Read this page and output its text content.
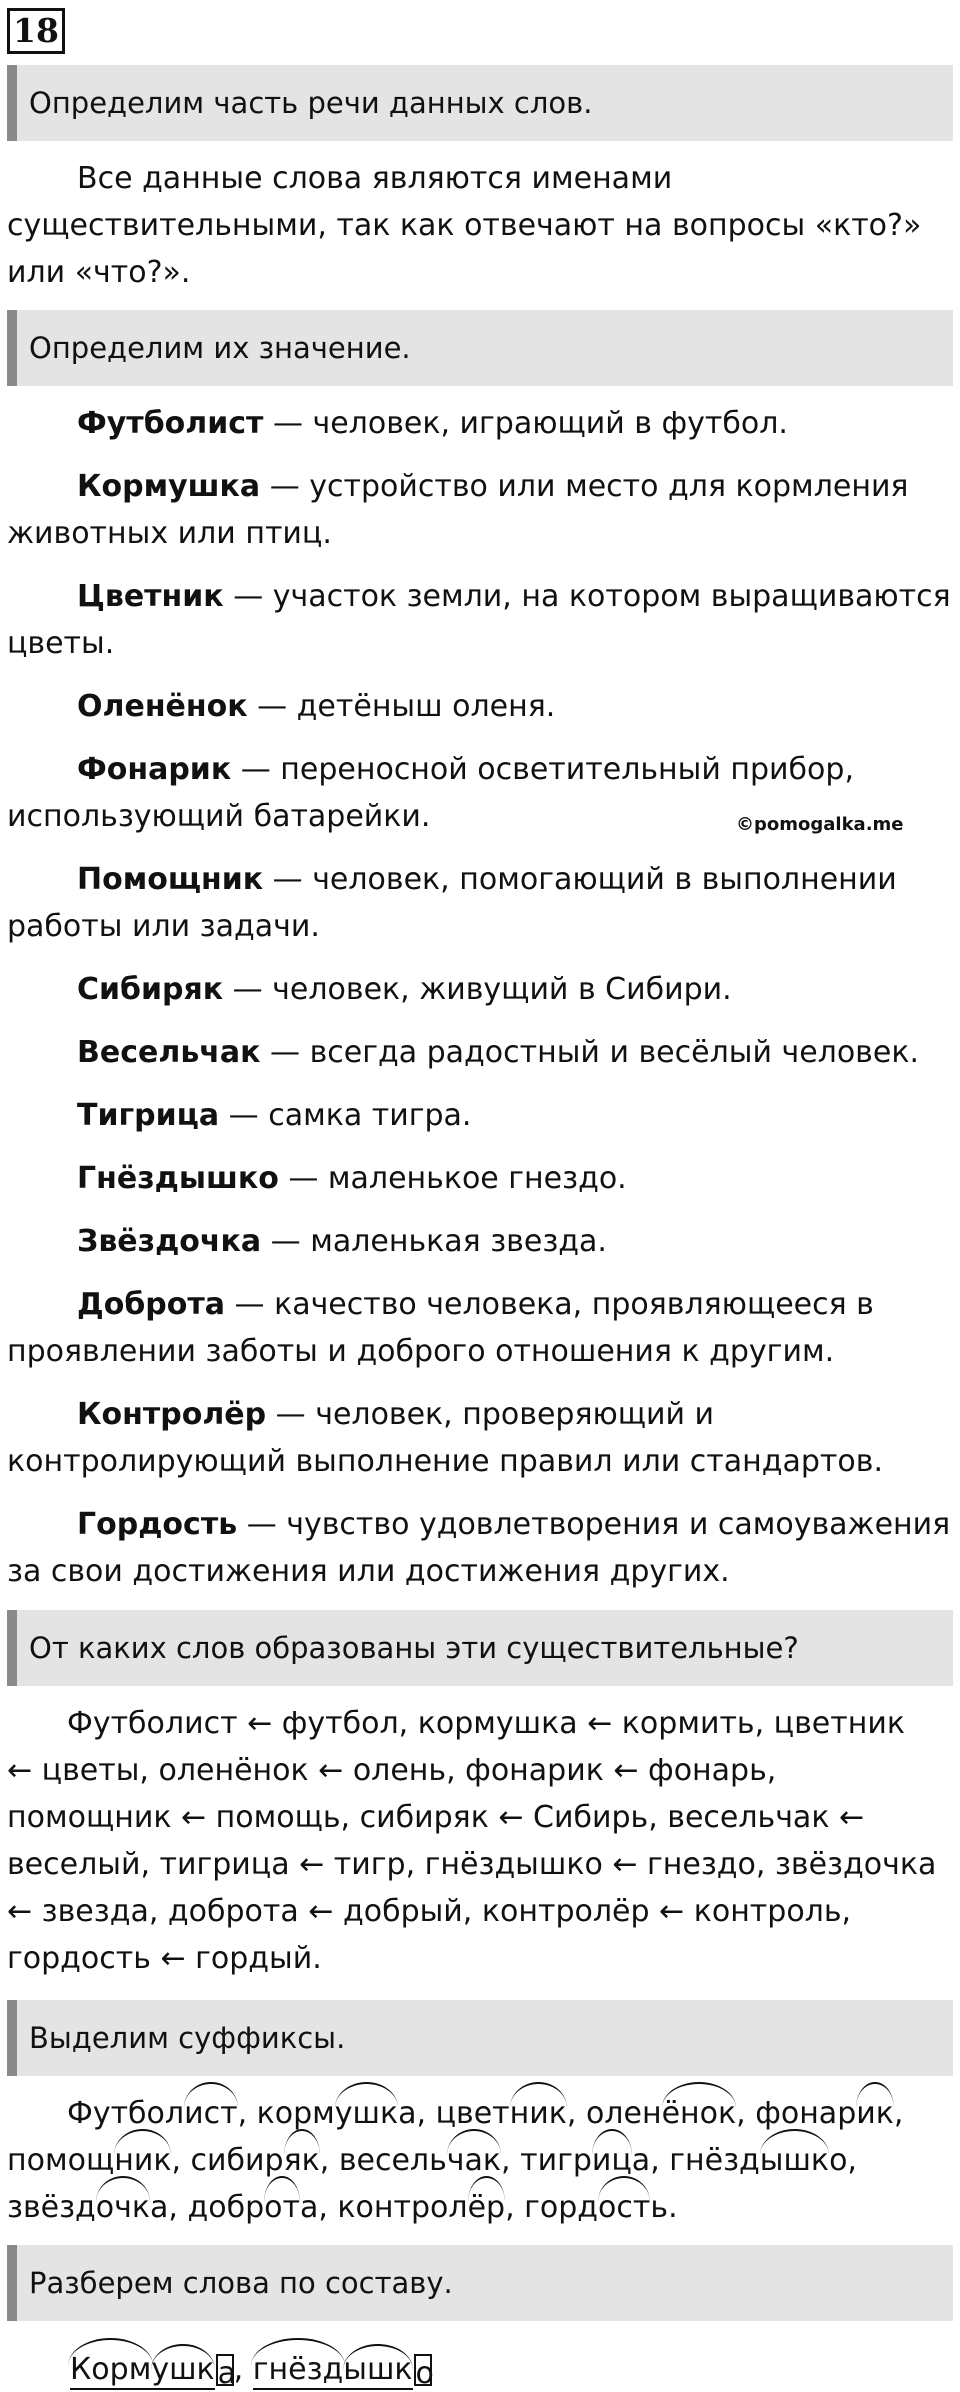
18
Определим часть речи данных слов.
Все данные слова являются именами
существительными, так как отвечают на вопросы «кто?»
или «что?».
Определим их значение.
Футболист — человек, играющий в футбол.
Кормушка — устройство или место для кормления
животных или птиц.
Цветник — участок земли, на котором выращиваются
цветы.
Оленёнок — детёныш оленя.
Фонарик — переносной осветительный прибор,
использующий батарейки.
Помощник — человек, помогающий в выполнении
работы или задачи.
Сибиряк — человек, живущий в Сибири.
Весельчак — всегда радостный и весёлый человек.
Тигрица — самка тигра.
Гнёздышко — маленькое гнездо.
Звёздочка — маленькая звезда.
Доброта — качество человека, проявляющееся в
проявлении заботы и доброго отношения к другим.
Контролёр — человек, проверяющий и
контролирующий выполнение правил или стандартов.
Гордость — чувство удовлетворения и самоуважения
за свои достижения или достижения других.
©pomogalka.me
От каких слов образованы эти существительные?
Футболист ← футбол, кормушка ← кормить, цветник
← цветы, оленёнок ← олень, фонарик ← фонарь,
помощник ← помощь, сибиряк ← Сибирь, весельчак ←
веселый, тигрица ← тигр, гнёздышко ← гнездо, звёздочка
← звезда, доброта ← добрый, контролёр ← контроль,
гордость ← гордый.
Выделим суффиксы.
Футболист, кормушка, цветник, оленёнок, фонарик,
помощник, сибиряк, весельчак, тигрица, гнёздышко,
звёздочка, доброта, контролёр, гордость.
Разберем слова по составу.
Кормушк а, гнёздышк о
